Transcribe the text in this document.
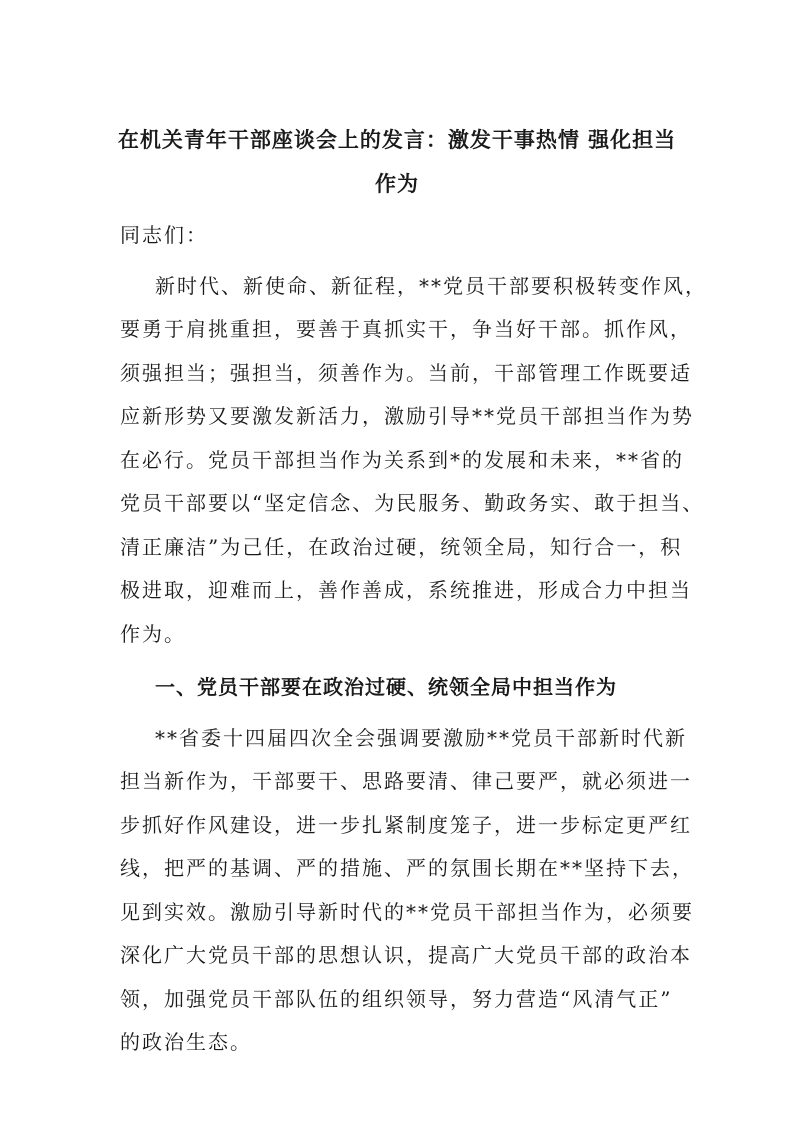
在机关青年干部座谈会上的发言：激发干事热情 强化担当
作为
同志们：
新时代、新使命、新征程，**党员干部要积极转变作风，
要勇于肩挑重担，要善于真抓实干，争当好干部。抓作风，
须强担当；强担当，须善作为。当前，干部管理工作既要适
应新形势又要激发新活力，激励引导**党员干部担当作为势
在必行。党员干部担当作为关系到*的发展和未来，**省的
党员干部要以“坚定信念、为民服务、勤政务实、敢于担当、
清正廉洁”为己任，在政治过硬，统领全局，知行合一，积
极进取，迎难而上，善作善成，系统推进，形成合力中担当
作为。
一、党员干部要在政治过硬、统领全局中担当作为
**省委十四届四次全会强调要激励**党员干部新时代新
担当新作为，干部要干、思路要清、律己要严，就必须进一
步抓好作风建设，进一步扎紧制度笼子，进一步标定更严红
线，把严的基调、严的措施、严的氛围长期在**坚持下去，
见到实效。激励引导新时代的**党员干部担当作为，必须要
深化广大党员干部的思想认识，提高广大党员干部的政治本
领，加强党员干部队伍的组织领导，努力营造“风清气正”
的政治生态。
